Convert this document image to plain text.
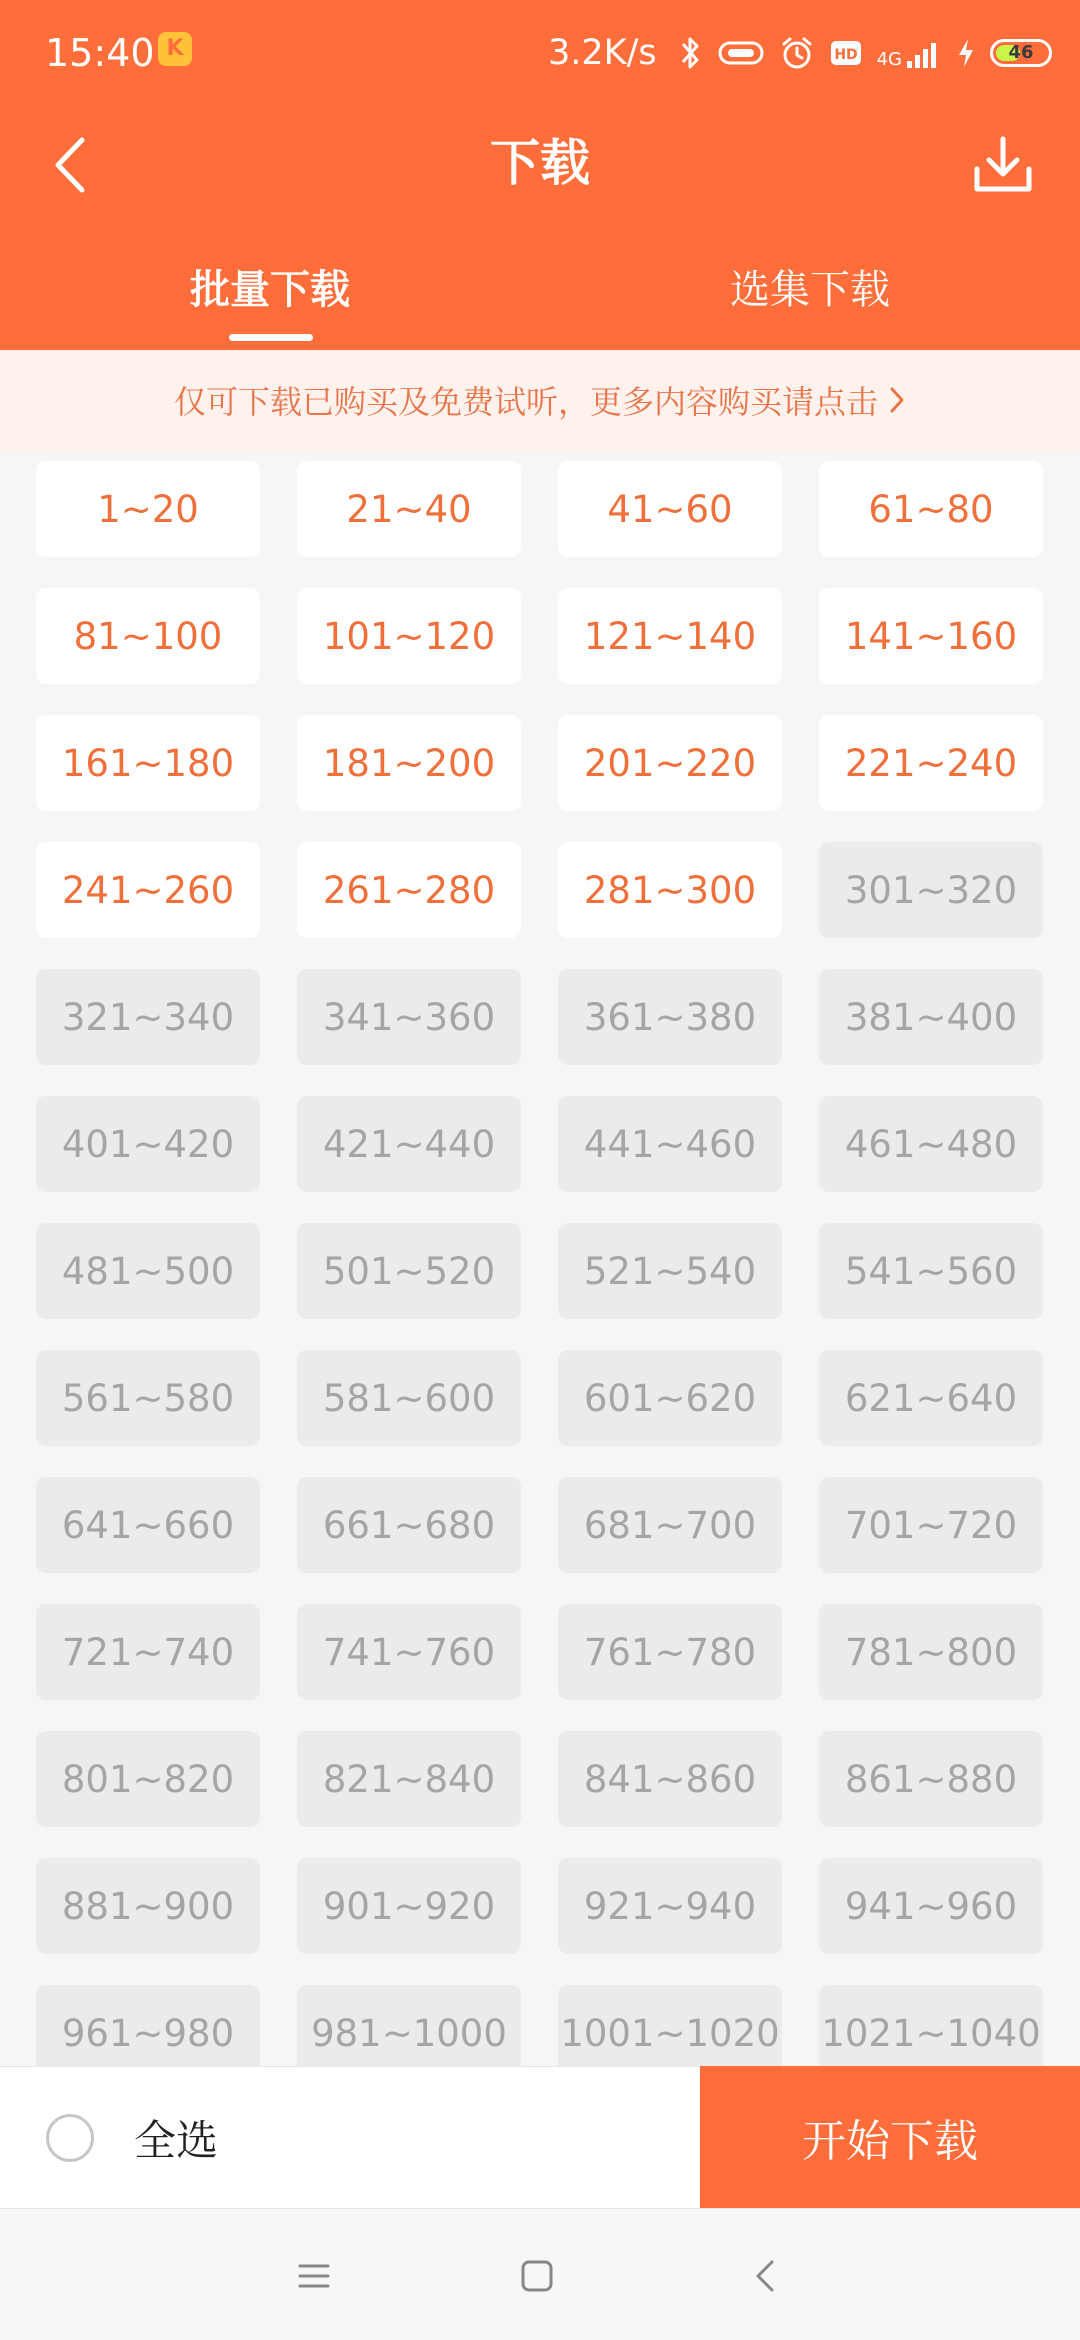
15:40 K	3.2K/s	HD 4G	46
下载
批量下载	选集下载
仅可下载已购买及免费试听，更多内容购买请点击
1~20	21~40	41~60	61~80
81~100	101~120	121~140	141~160
161~180	181~200	201~220	221~240
241~260	261~280	281~300	301~320
321~340	341~360	361~380	381~400
401~420	421~440	441~460	461~480
481~500	501~520	521~540	541~560
561~580	581~600	601~620	621~640
641~660	661~680	681~700	701~720
721~740	741~760	761~780	781~800
801~820	821~840	841~860	861~880
881~900	901~920	921~940	941~960
961~980	981~1000	1001~1020 1021~1040
全选	开始下载
